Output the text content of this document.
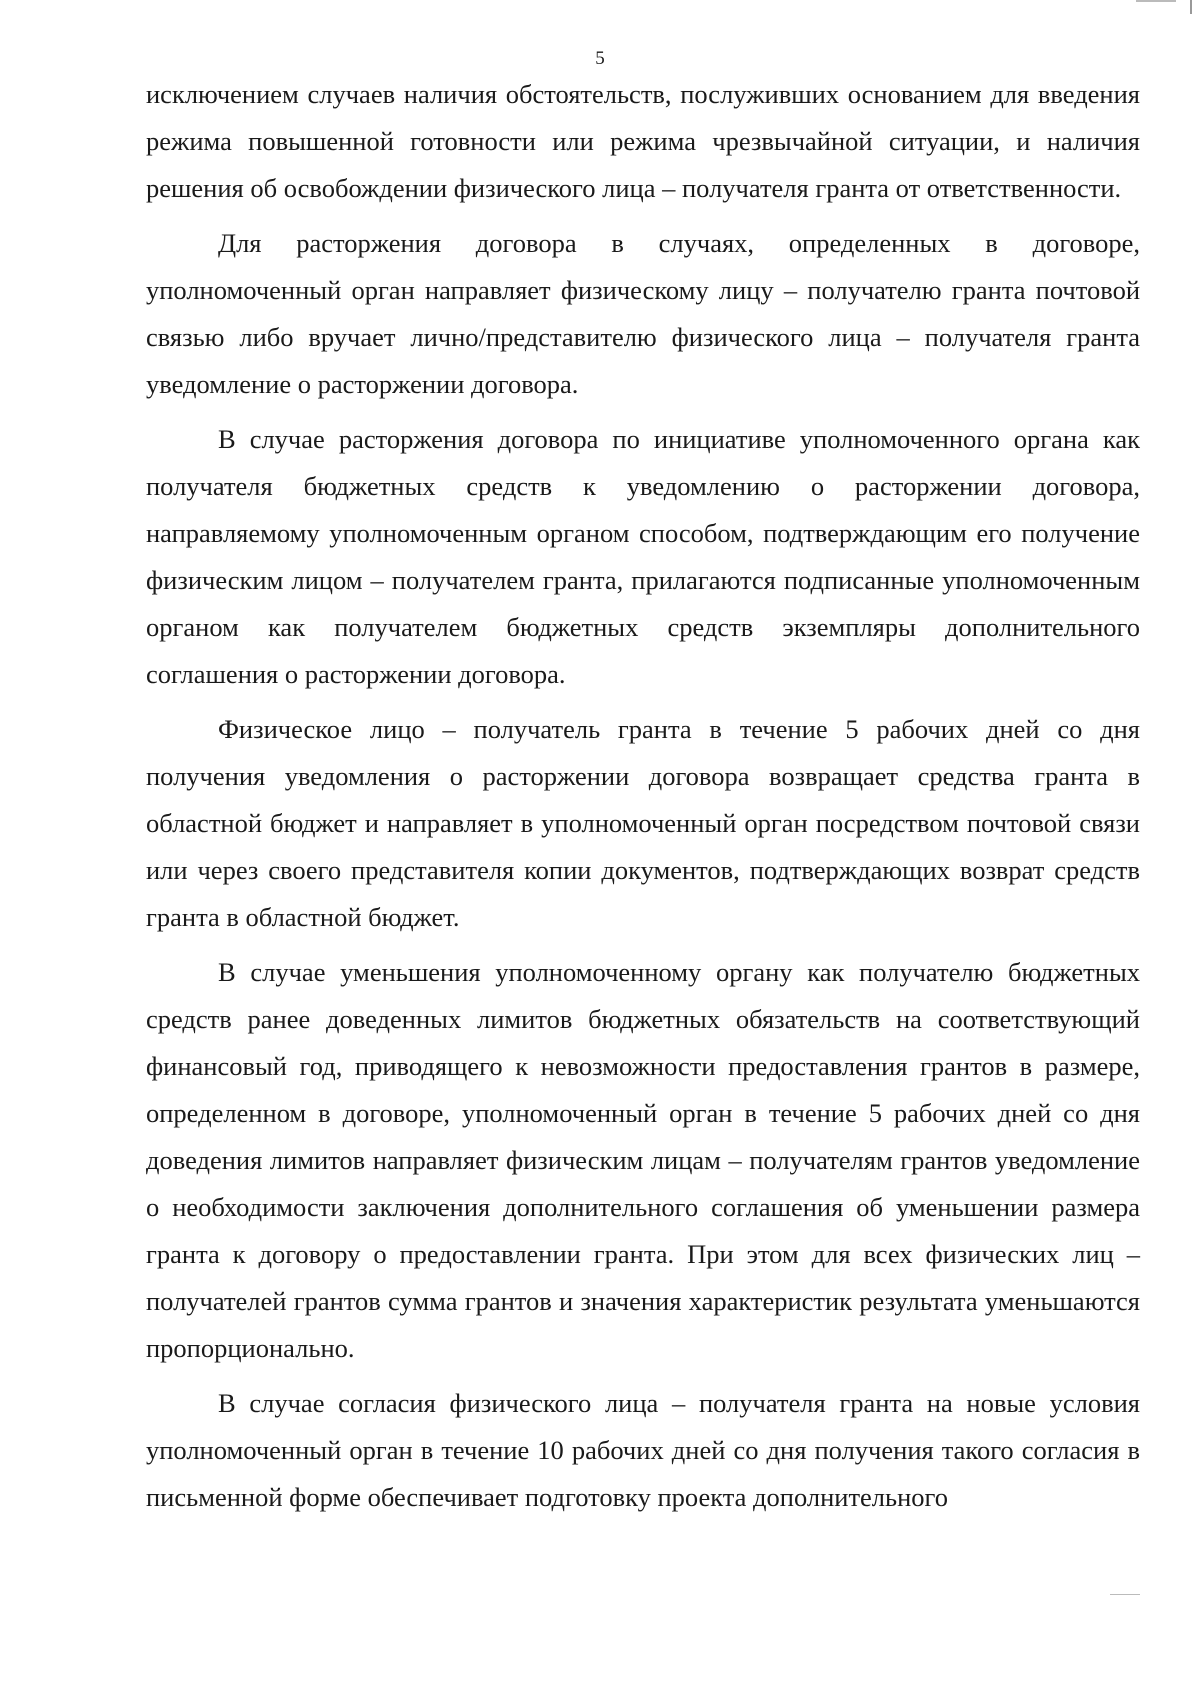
5

исключением случаев наличия обстоятельств, послуживших основанием для введения режима повышенной готовности или режима чрезвычайной ситуации, и наличия решения об освобождении физического лица – получателя гранта от ответственности.

Для расторжения договора в случаях, определенных в договоре, уполномоченный орган направляет физическому лицу – получателю гранта почтовой связью либо вручает лично/представителю физического лица – получателя гранта уведомление о расторжении договора.

В случае расторжения договора по инициативе уполномоченного органа как получателя бюджетных средств к уведомлению о расторжении договора, направляемому уполномоченным органом способом, подтверждающим его получение физическим лицом – получателем гранта, прилагаются подписанные уполномоченным органом как получателем бюджетных средств экземпляры дополнительного соглашения о расторжении договора.

Физическое лицо – получатель гранта в течение 5 рабочих дней со дня получения уведомления о расторжении договора возвращает средства гранта в областной бюджет и направляет в уполномоченный орган посредством почтовой связи или через своего представителя копии документов, подтверждающих возврат средств гранта в областной бюджет.

В случае уменьшения уполномоченному органу как получателю бюджетных средств ранее доведенных лимитов бюджетных обязательств на соответствующий финансовый год, приводящего к невозможности предоставления грантов в размере, определенном в договоре, уполномоченный орган в течение 5 рабочих дней со дня доведения лимитов направляет физическим лицам – получателям грантов уведомление о необходимости заключения дополнительного соглашения об уменьшении размера гранта к договору о предоставлении гранта. При этом для всех физических лиц – получателей грантов сумма грантов и значения характеристик результата уменьшаются пропорционально.

В случае согласия физического лица – получателя гранта на новые условия уполномоченный орган в течение 10 рабочих дней со дня получения такого согласия в письменной форме обеспечивает подготовку проекта дополнительного
